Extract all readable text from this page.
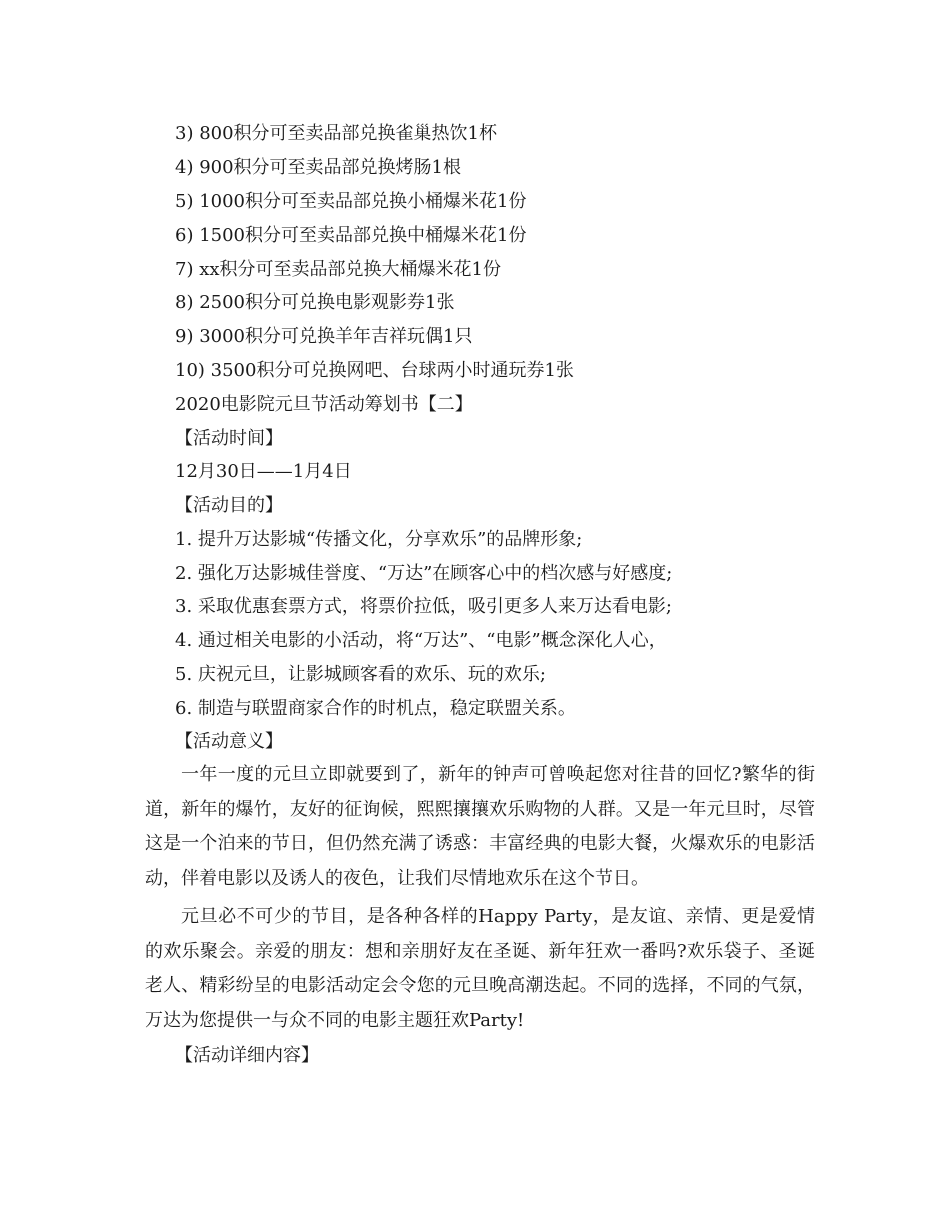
3) 800积分可至卖品部兑换雀巢热饮1杯
4) 900积分可至卖品部兑换烤肠1根
5) 1000积分可至卖品部兑换小桶爆米花1份
6) 1500积分可至卖品部兑换中桶爆米花1份
7) xx积分可至卖品部兑换大桶爆米花1份
8) 2500积分可兑换电影观影券1张
9) 3000积分可兑换羊年吉祥玩偶1只
10) 3500积分可兑换网吧、台球两小时通玩券1张
2020电影院元旦节活动筹划书【二】
【活动时间】
12月30日——1月4日
【活动目的】
1. 提升万达影城“传播文化，分享欢乐”的品牌形象;
2. 强化万达影城佳誉度、“万达”在顾客心中的档次感与好感度;
3. 采取优惠套票方式，将票价拉低，吸引更多人来万达看电影;
4. 通过相关电影的小活动，将“万达”、“电影”概念深化人心，
5. 庆祝元旦，让影城顾客看的欢乐、玩的欢乐;
6. 制造与联盟商家合作的时机点，稳定联盟关系。
【活动意义】

一年一度的元旦立即就要到了，新年的钟声可曾唤起您对往昔的回忆?繁华的街道，新年的爆竹，友好的征询候，熙熙攘攘欢乐购物的人群。又是一年元旦时，尽管这是一个泊来的节日，但仍然充满了诱惑：丰富经典的电影大餐，火爆欢乐的电影活动，伴着电影以及诱人的夜色，让我们尽情地欢乐在这个节日。

元旦必不可少的节目，是各种各样的Happy Party，是友谊、亲情、更是爱情的欢乐聚会。亲爱的朋友：想和亲朋好友在圣诞、新年狂欢一番吗?欢乐袋子、圣诞老人、精彩纷呈的电影活动定会令您的元旦晚高潮迭起。不同的选择，不同的气氛，万达为您提供一与众不同的电影主题狂欢Party!

【活动详细内容】
